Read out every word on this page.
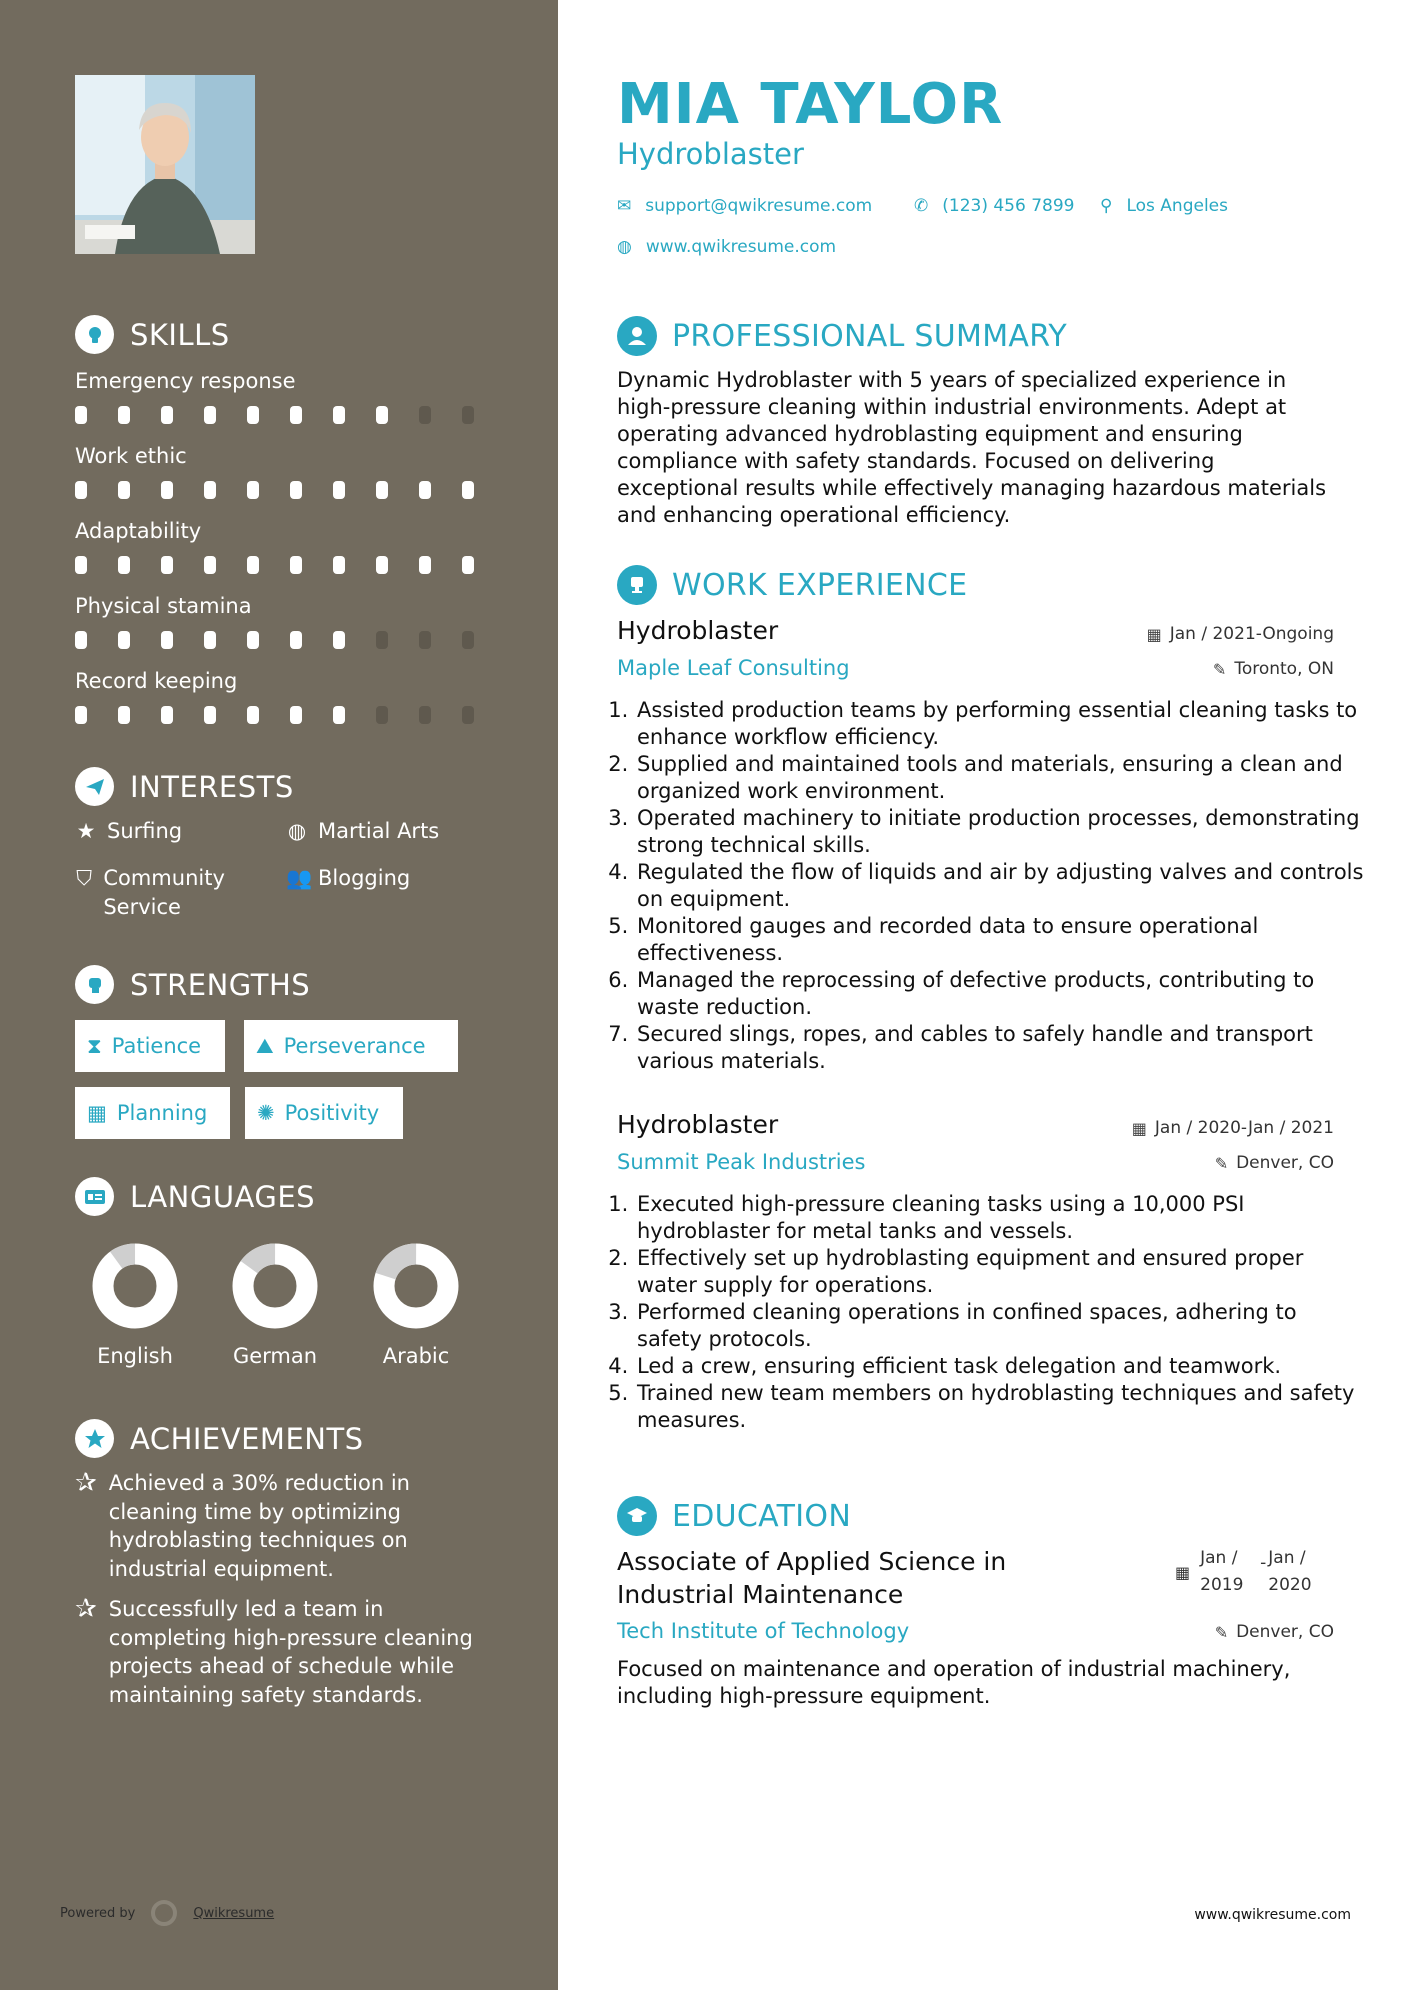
SKILLS
Emergency response
Work ethic
Adaptability
Physical stamina
Record keeping
INTERESTS
★ Surfing	◍ Martial Arts
⛉ Community Service
👥 Blogging
STRENGTHS
⧗ Patience	⛰ Perseverance
▦ Planning ✺ Positivity
LANGUAGES
English	German	Arabic
ACHIEVEMENTS
✰ Achieved a 30% reduction in cleaning time by optimizing hydroblasting techniques on industrial equipment.
✰ Successfully led a team in completing high-pressure cleaning projects ahead of schedule while maintaining safety standards.
Powered by	Qwikresume
MIA TAYLOR
Hydroblaster
✉ support@qwikresume.com ✆ (123) 456 7899 ⚲ Los Angeles
◍ www.qwikresume.com
PROFESSIONAL SUMMARY
Dynamic Hydroblaster with 5 years of specialized experience in high-pressure cleaning within industrial environments. Adept at operating advanced hydroblasting equipment and ensuring compliance with safety standards. Focused on delivering exceptional results while effectively managing hazardous materials and enhancing operational efficiency.
WORK EXPERIENCE
Hydroblaster	▦ Jan / 2021-Ongoing
Maple Leaf Consulting	✎ Toronto, ON
1. Assisted production teams by performing essential cleaning tasks to enhance workflow efficiency.
2. Supplied and maintained tools and materials, ensuring a clean and organized work environment.
3. Operated machinery to initiate production processes, demonstrating strong technical skills.
4. Regulated the flow of liquids and air by adjusting valves and controls on equipment.
5. Monitored gauges and recorded data to ensure operational effectiveness.
6. Managed the reprocessing of defective products, contributing to waste reduction.
7. Secured slings, ropes, and cables to safely handle and transport various materials.
Hydroblaster	▦ Jan / 2020-Jan / 2021
Summit Peak Industries	✎ Denver, CO
1. Executed high-pressure cleaning tasks using a 10,000 PSI hydroblaster for metal tanks and vessels.
2. Effectively set up hydroblasting equipment and ensured proper water supply for operations.
3. Performed cleaning operations in confined spaces, adhering to safety protocols.
4. Led a crew, ensuring efficient task delegation and teamwork.
5. Trained new team members on hydroblasting techniques and safety measures.
EDUCATION
Associate of Applied Science in Industrial Maintenance
▦
Jan / 2019
- Jan / 2020
Tech Institute of Technology	✎ Denver, CO
Focused on maintenance and operation of industrial machinery, including high-pressure equipment.
www.qwikresume.com
